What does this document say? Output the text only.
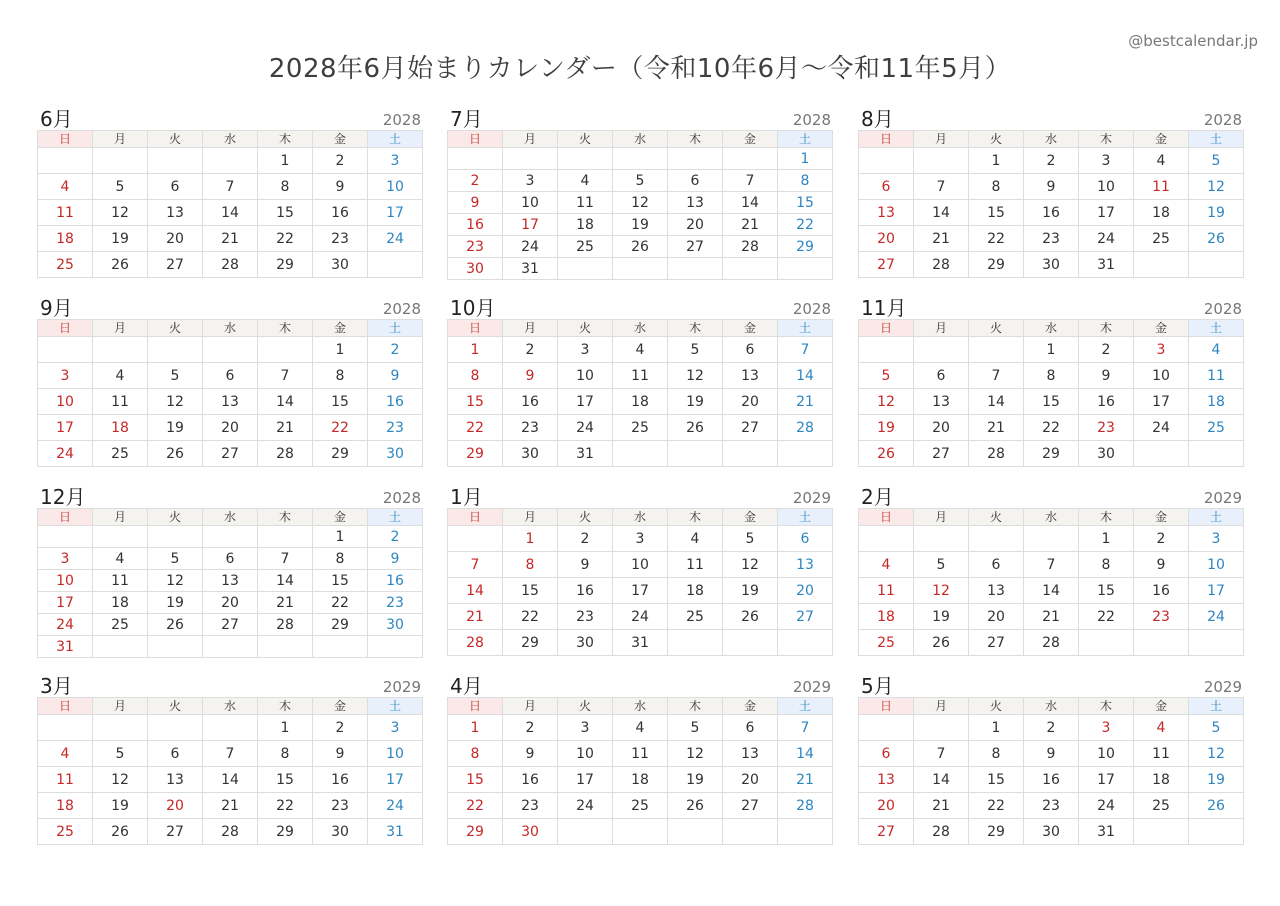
2028年6月始まりカレンダー（令和10年6月〜令和11年5月）
@bestcalendar.jp
6月	2028
日	月	火	水	木	金	土
				1	2	3
4	5	6	7	8	9	10
11	12	13	14	15	16	17
18	19	20	21	22	23	24
25	26	27	28	29	30	
7月	2028
日	月	火	水	木	金	土
						1
2	3	4	5	6	7	8
9	10	11	12	13	14	15
16	17	18	19	20	21	22
23	24	25	26	27	28	29
30	31					
8月	2028
日	月	火	水	木	金	土
		1	2	3	4	5
6	7	8	9	10	11	12
13	14	15	16	17	18	19
20	21	22	23	24	25	26
27	28	29	30	31		
9月	2028
日	月	火	水	木	金	土
					1	2
3	4	5	6	7	8	9
10	11	12	13	14	15	16
17	18	19	20	21	22	23
24	25	26	27	28	29	30
10月	2028
日	月	火	水	木	金	土
1	2	3	4	5	6	7
8	9	10	11	12	13	14
15	16	17	18	19	20	21
22	23	24	25	26	27	28
29	30	31				
11月	2028
日	月	火	水	木	金	土
			1	2	3	4
5	6	7	8	9	10	11
12	13	14	15	16	17	18
19	20	21	22	23	24	25
26	27	28	29	30		
12月	2028
日	月	火	水	木	金	土
					1	2
3	4	5	6	7	8	9
10	11	12	13	14	15	16
17	18	19	20	21	22	23
24	25	26	27	28	29	30
31						
1月	2029
日	月	火	水	木	金	土
	1	2	3	4	5	6
7	8	9	10	11	12	13
14	15	16	17	18	19	20
21	22	23	24	25	26	27
28	29	30	31			
2月	2029
日	月	火	水	木	金	土
				1	2	3
4	5	6	7	8	9	10
11	12	13	14	15	16	17
18	19	20	21	22	23	24
25	26	27	28			
3月	2029
日	月	火	水	木	金	土
				1	2	3
4	5	6	7	8	9	10
11	12	13	14	15	16	17
18	19	20	21	22	23	24
25	26	27	28	29	30	31
4月	2029
日	月	火	水	木	金	土
1	2	3	4	5	6	7
8	9	10	11	12	13	14
15	16	17	18	19	20	21
22	23	24	25	26	27	28
29	30					
5月	2029
日	月	火	水	木	金	土
		1	2	3	4	5
6	7	8	9	10	11	12
13	14	15	16	17	18	19
20	21	22	23	24	25	26
27	28	29	30	31		
